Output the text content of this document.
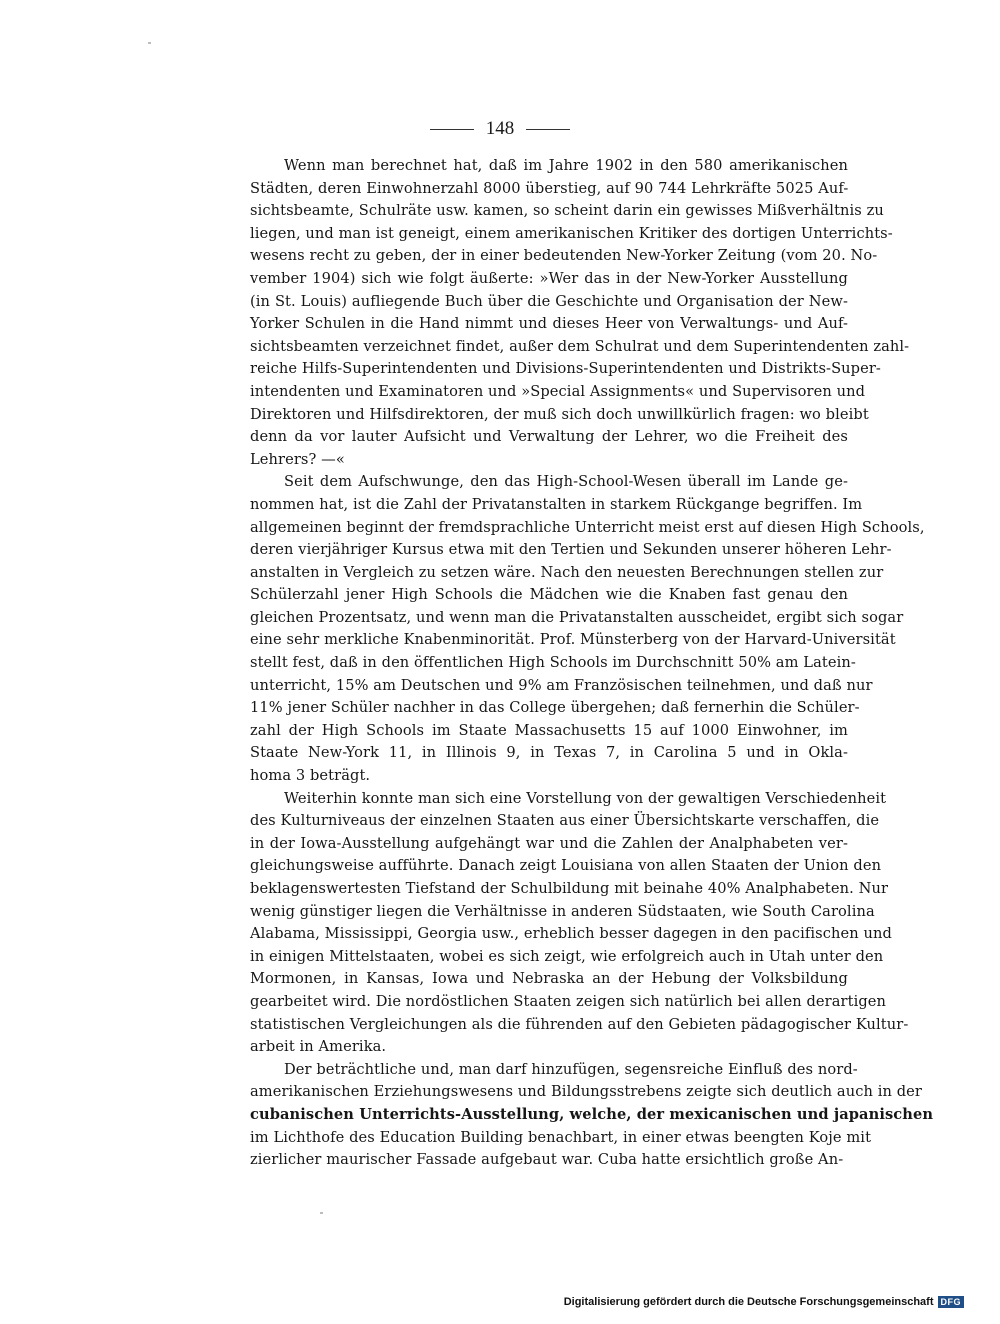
148
Wenn man berechnet hat, daß im Jahre 1902 in den 580 amerikanischen
Städten, deren Einwohnerzahl 8000 überstieg, auf 90 744 Lehrkräfte 5025 Auf-
sichtsbeamte, Schulräte usw. kamen, so scheint darin ein gewisses Mißverhältnis zu
liegen, und man ist geneigt, einem amerikanischen Kritiker des dortigen Unterrichts-
wesens recht zu geben, der in einer bedeutenden New-Yorker Zeitung (vom 20. No-
vember 1904) sich wie folgt äußerte: »Wer das in der New-Yorker Ausstellung
(in St. Louis) aufliegende Buch über die Geschichte und Organisation der New-
Yorker Schulen in die Hand nimmt und dieses Heer von Verwaltungs- und Auf-
sichtsbeamten verzeichnet findet, außer dem Schulrat und dem Superintendenten zahl-
reiche Hilfs-Superintendenten und Divisions-Superintendenten und Distrikts-Super-
intendenten und Examinatoren und »Special Assignments« und Supervisoren und
Direktoren und Hilfsdirektoren, der muß sich doch unwillkürlich fragen: wo bleibt
denn da vor lauter Aufsicht und Verwaltung der Lehrer, wo die Freiheit des
Lehrers? —«
Seit dem Aufschwunge, den das High-School-Wesen überall im Lande ge-
nommen hat, ist die Zahl der Privatanstalten in starkem Rückgange begriffen. Im
allgemeinen beginnt der fremdsprachliche Unterricht meist erst auf diesen High Schools,
deren vierjähriger Kursus etwa mit den Tertien und Sekunden unserer höheren Lehr-
anstalten in Vergleich zu setzen wäre. Nach den neuesten Berechnungen stellen zur
Schülerzahl jener High Schools die Mädchen wie die Knaben fast genau den
gleichen Prozentsatz, und wenn man die Privatanstalten ausscheidet, ergibt sich sogar
eine sehr merkliche Knabenminorität. Prof. Münsterberg von der Harvard-Universität
stellt fest, daß in den öffentlichen High Schools im Durchschnitt 50% am Latein-
unterricht, 15% am Deutschen und 9% am Französischen teilnehmen, und daß nur
11% jener Schüler nachher in das College übergehen; daß fernerhin die Schüler-
zahl der High Schools im Staate Massachusetts 15 auf 1000 Einwohner, im
Staate New-York 11, in Illinois 9, in Texas 7, in Carolina 5 und in Okla-
homa 3 beträgt.
Weiterhin konnte man sich eine Vorstellung von der gewaltigen Verschiedenheit
des Kulturniveaus der einzelnen Staaten aus einer Übersichtskarte verschaffen, die
in der Iowa-Ausstellung aufgehängt war und die Zahlen der Analphabeten ver-
gleichungsweise aufführte. Danach zeigt Louisiana von allen Staaten der Union den
beklagenswertesten Tiefstand der Schulbildung mit beinahe 40% Analphabeten. Nur
wenig günstiger liegen die Verhältnisse in anderen Südstaaten, wie South Carolina
Alabama, Mississippi, Georgia usw., erheblich besser dagegen in den pacifischen und
in einigen Mittelstaaten, wobei es sich zeigt, wie erfolgreich auch in Utah unter den
Mormonen, in Kansas, Iowa und Nebraska an der Hebung der Volksbildung
gearbeitet wird. Die nordöstlichen Staaten zeigen sich natürlich bei allen derartigen
statistischen Vergleichungen als die führenden auf den Gebieten pädagogischer Kultur-
arbeit in Amerika.
Der beträchtliche und, man darf hinzufügen, segensreiche Einfluß des nord-
amerikanischen Erziehungswesens und Bildungsstrebens zeigte sich deutlich auch in der
cubanischen Unterrichts-Ausstellung, welche, der mexicanischen und japanischen
im Lichthofe des Education Building benachbart, in einer etwas beengten Koje mit
zierlicher maurischer Fassade aufgebaut war. Cuba hatte ersichtlich große An-
Digitalisierung gefördert durch die Deutsche Forschungsgemeinschaft DFG
